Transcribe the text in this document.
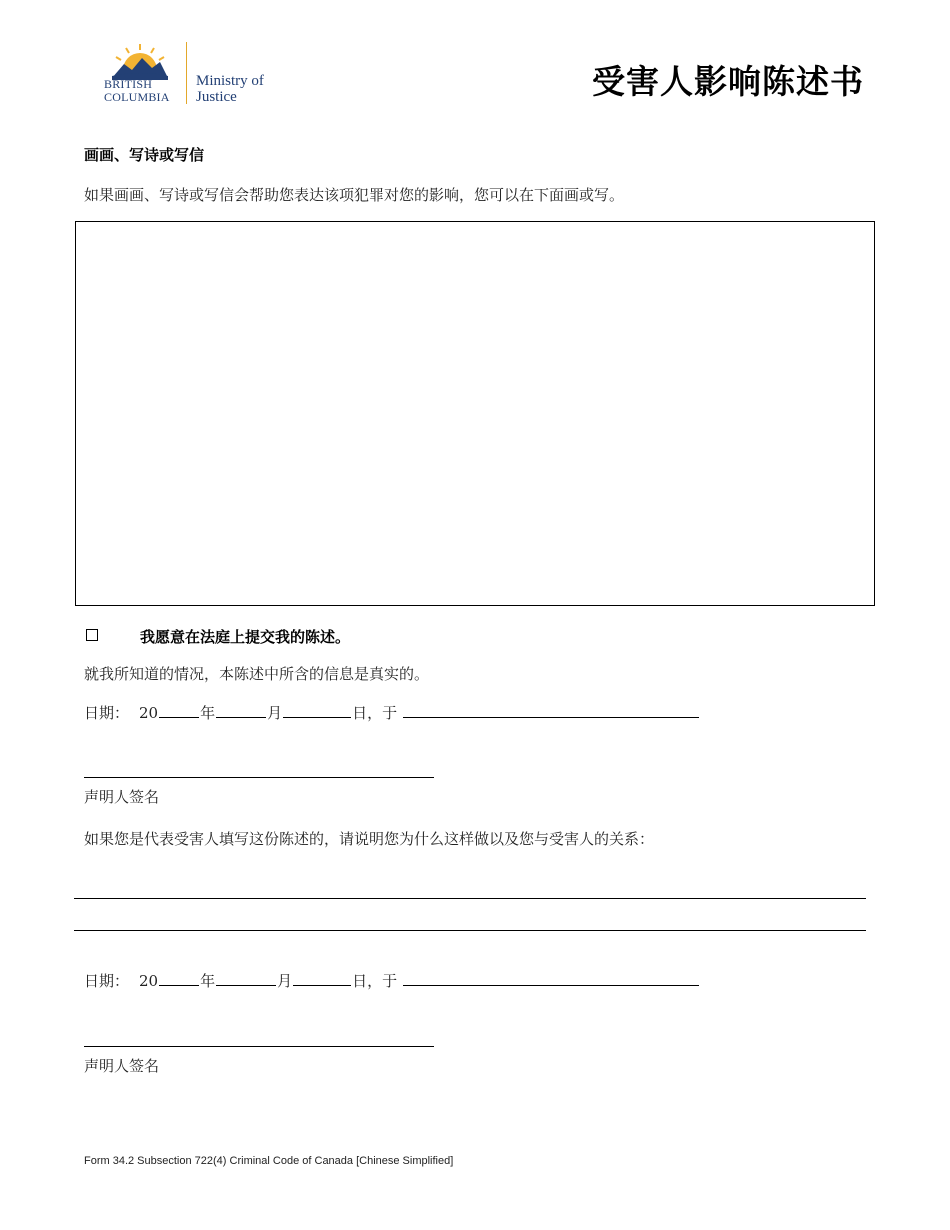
BRITISH
COLUMBIA
Ministry of
Justice	受害人影响陈述书
画画、写诗或写信
如果画画、写诗或写信会帮助您表达该项犯罪对您的影响，您可以在下面画或写。
我愿意在法庭上提交我的陈述。
就我所知道的情况，本陈述中所含的信息是真实的。
日期： 20	年	月	日，于
声明人签名
如果您是代表受害人填写这份陈述的，请说明您为什么这样做以及您与受害人的关系：
日期： 20	年	月	日，于
声明人签名
Form 34.2 Subsection 722(4) Criminal Code of Canada [Chinese Simplified]
